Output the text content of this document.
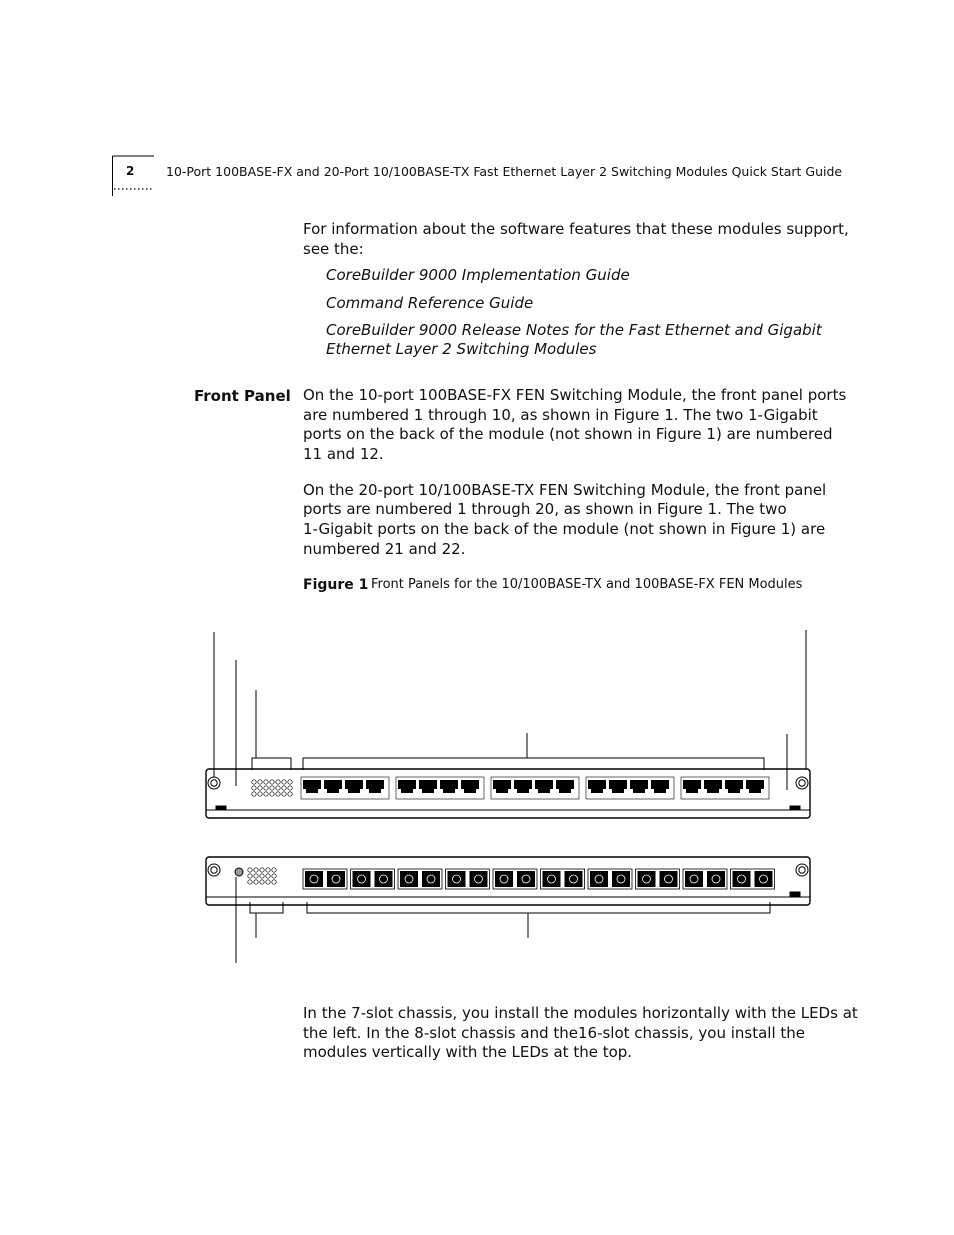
2	10-Port 100BASE-FX and 20-Port 10/100BASE-TX Fast Ethernet Layer 2 Switching Modules Quick Start Guide
For information about the software features that these modules support,
see the:
CoreBuilder 9000 Implementation Guide
Command Reference Guide
CoreBuilder 9000 Release Notes for the Fast Ethernet and Gigabit
Ethernet Layer 2 Switching Modules
Front Panel On the 10-port 100BASE-FX FEN Switching Module, the front panel ports
are numbered 1 through 10, as shown in Figure 1. The two 1-Gigabit
ports on the back of the module (not shown in Figure 1) are numbered
11 and 12.
On the 20-port 10/100BASE-TX FEN Switching Module, the front panel
ports are numbered 1 through 20, as shown in Figure 1. The two
1-Gigabit ports on the back of the module (not shown in Figure 1) are
numbered 21 and 22.
Figure 1 Front Panels for the 10/100BASE-TX and 100BASE-FX FEN Modules
In the 7-slot chassis, you install the modules horizontally with the LEDs at
the left. In the 8-slot chassis and the16-slot chassis, you install the
modules vertically with the LEDs at the top.
